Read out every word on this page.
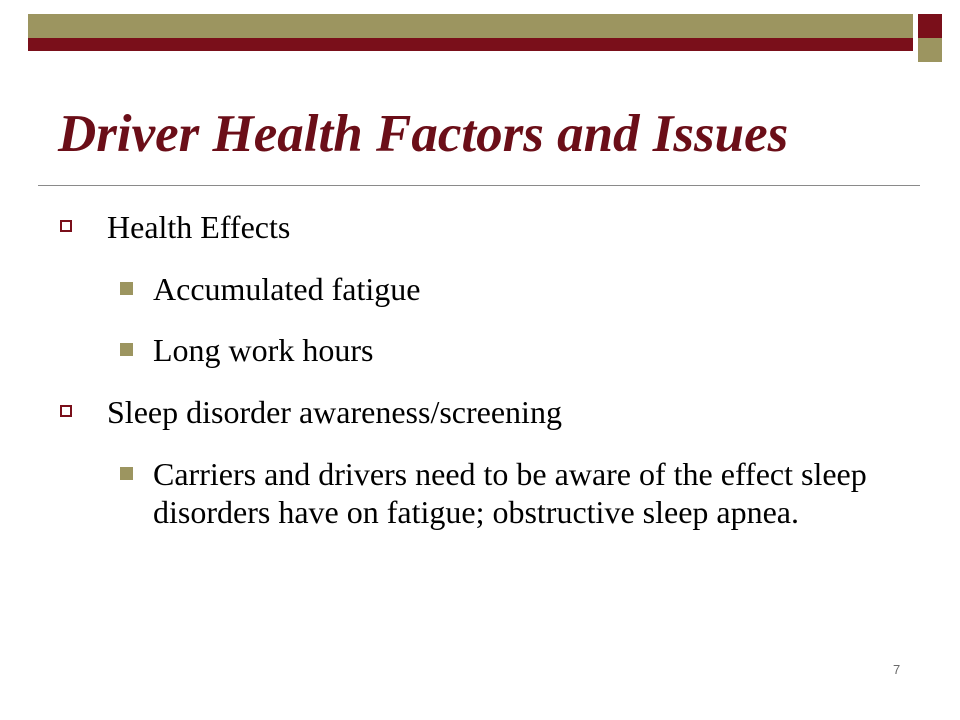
Driver Health Factors and Issues
Health Effects
Accumulated fatigue
Long work hours
Sleep disorder awareness/screening
Carriers and drivers need to be aware of the effect sleep disorders have on fatigue; obstructive sleep apnea.
7
